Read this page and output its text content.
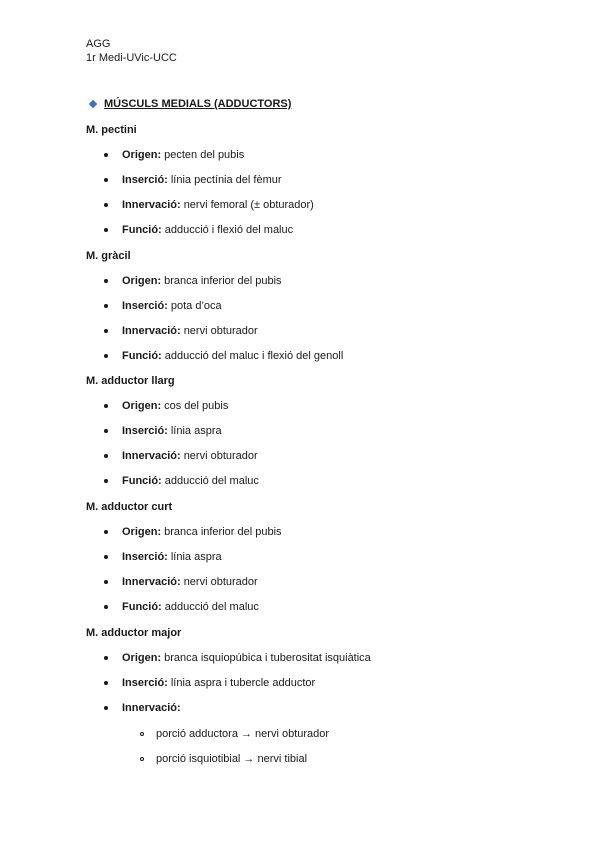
AGG
1r Medi-UVic-UCC
MÚSCULS MEDIALS (ADDUCTORS)
M. pectini
Origen: pecten del pubis
Inserció: línia pectínia del fèmur
Innervació: nervi femoral (± obturador)
Funció: adducció i flexió del maluc
M. gràcil
Origen: branca inferior del pubis
Inserció: pota d’oca
Innervació: nervi obturador
Funció: adducció del maluc i flexió del genoll
M. adductor llarg
Origen: cos del pubis
Inserció: línia aspra
Innervació: nervi obturador
Funció: adducció del maluc
M. adductor curt
Origen: branca inferior del pubis
Inserció: línia aspra
Innervació: nervi obturador
Funció: adducció del maluc
M. adductor major
Origen: branca isquiopúbica i tuberositat isquiàtica
Inserció: línia aspra i tubercle adductor
Innervació:
porció adductora → nervi obturador
porció isquiotibial → nervi tibial
